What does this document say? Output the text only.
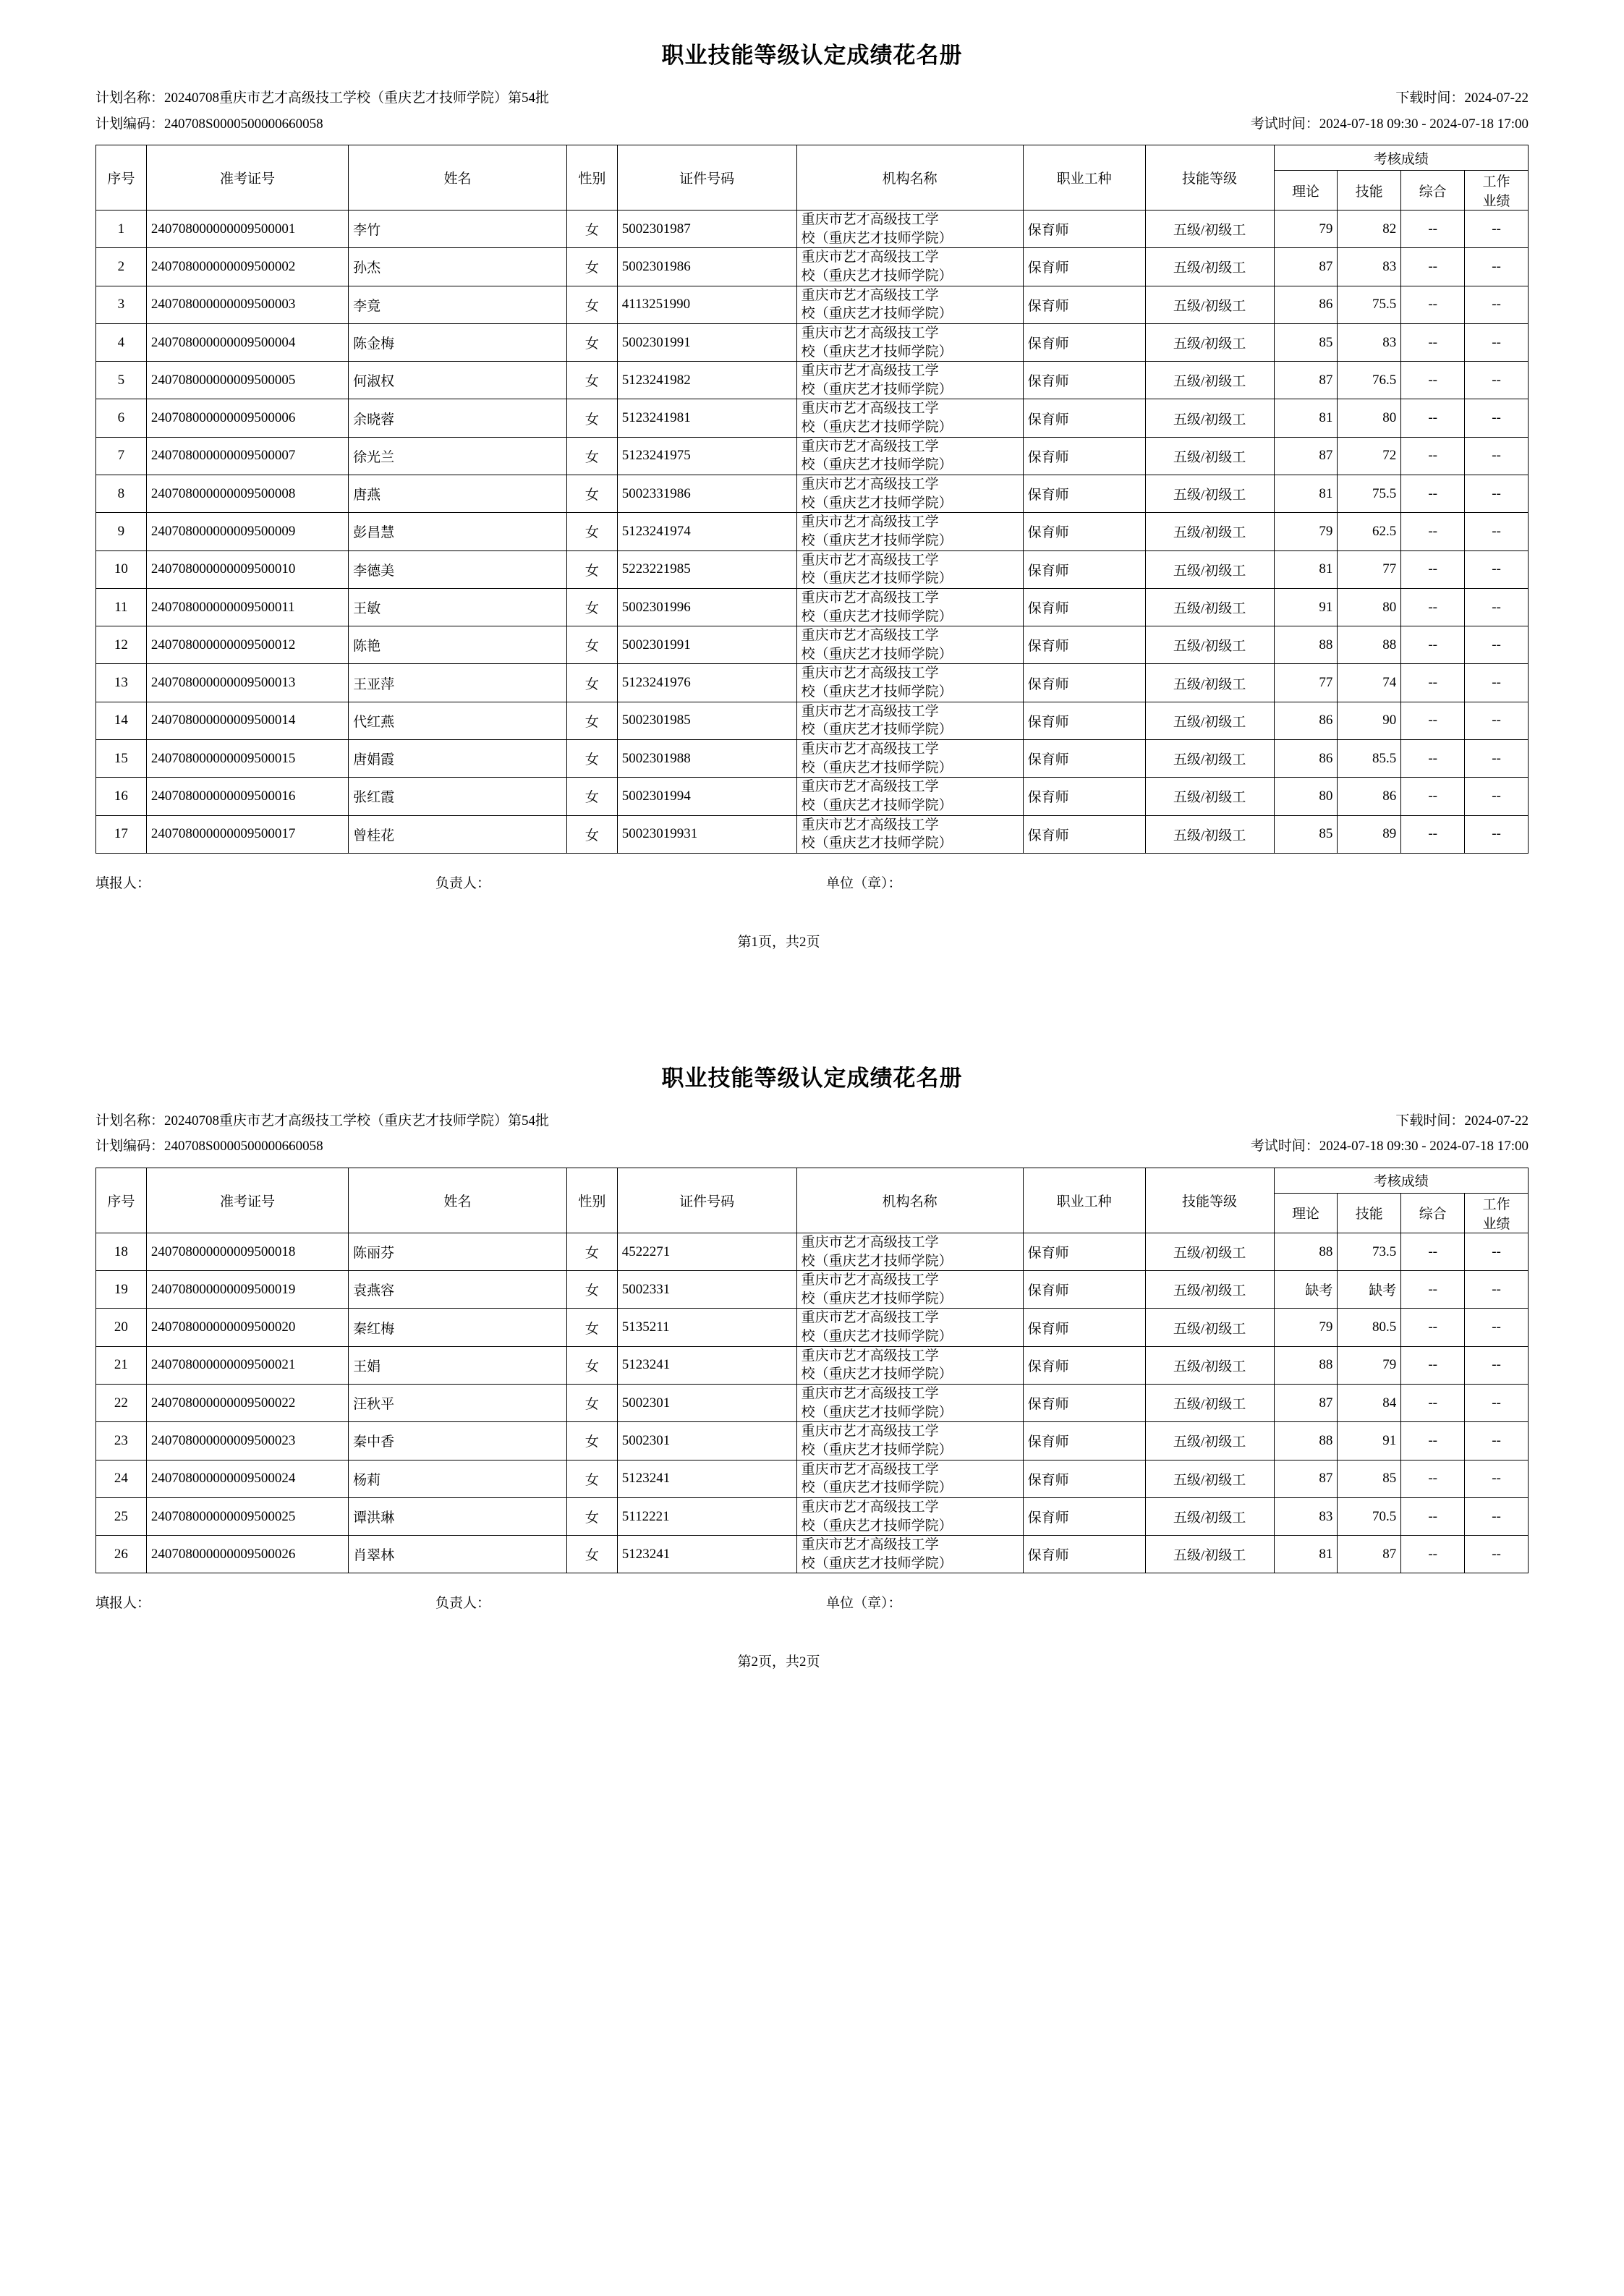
职业技能等级认定成绩花名册
计划名称：20240708重庆市艺才高级技工学校（重庆艺才技师学院）第54批	下载时间：2024-07-22
计划编码：240708S0000500000660058	考试时间：2024-07-18 09:30 - 2024-07-18 17:00
序号	准考证号	姓名	性别	证件号码	机构名称	职业工种	技能等级	考核成绩			
								理论	技能	综合	工作
业绩
1	240708000000009500001	李竹	女	5002301987	重庆市艺才高级技工学
校（重庆艺才技师学院）	保育师	五级/初级工	79	82	--	--
2	240708000000009500002	孙杰	女	5002301986	重庆市艺才高级技工学
校（重庆艺才技师学院）	保育师	五级/初级工	87	83	--	--
3	240708000000009500003	李竟	女	4113251990	重庆市艺才高级技工学
校（重庆艺才技师学院）	保育师	五级/初级工	86	75.5	--	--
4	240708000000009500004	陈金梅	女	5002301991	重庆市艺才高级技工学
校（重庆艺才技师学院）	保育师	五级/初级工	85	83	--	--
5	240708000000009500005	何淑权	女	5123241982	重庆市艺才高级技工学
校（重庆艺才技师学院）	保育师	五级/初级工	87	76.5	--	--
6	240708000000009500006	余晓蓉	女	5123241981	重庆市艺才高级技工学
校（重庆艺才技师学院）	保育师	五级/初级工	81	80	--	--
7	240708000000009500007	徐光兰	女	5123241975	重庆市艺才高级技工学
校（重庆艺才技师学院）	保育师	五级/初级工	87	72	--	--
8	240708000000009500008	唐燕	女	5002331986	重庆市艺才高级技工学
校（重庆艺才技师学院）	保育师	五级/初级工	81	75.5	--	--
9	240708000000009500009	彭昌慧	女	5123241974	重庆市艺才高级技工学
校（重庆艺才技师学院）	保育师	五级/初级工	79	62.5	--	--
10	240708000000009500010	李德美	女	5223221985	重庆市艺才高级技工学
校（重庆艺才技师学院）	保育师	五级/初级工	81	77	--	--
11	240708000000009500011	王敏	女	5002301996	重庆市艺才高级技工学
校（重庆艺才技师学院）	保育师	五级/初级工	91	80	--	--
12	240708000000009500012	陈艳	女	5002301991	重庆市艺才高级技工学
校（重庆艺才技师学院）	保育师	五级/初级工	88	88	--	--
13	240708000000009500013	王亚萍	女	5123241976	重庆市艺才高级技工学
校（重庆艺才技师学院）	保育师	五级/初级工	77	74	--	--
14	240708000000009500014	代红燕	女	5002301985	重庆市艺才高级技工学
校（重庆艺才技师学院）	保育师	五级/初级工	86	90	--	--
15	240708000000009500015	唐娟霞	女	5002301988	重庆市艺才高级技工学
校（重庆艺才技师学院）	保育师	五级/初级工	86	85.5	--	--
16	240708000000009500016	张红霞	女	5002301994	重庆市艺才高级技工学
校（重庆艺才技师学院）	保育师	五级/初级工	80	86	--	--
17	240708000000009500017	曾桂花	女	50023019931	重庆市艺才高级技工学
校（重庆艺才技师学院）	保育师	五级/初级工	85	89	--	--
填报人：	负责人：	单位（章）：
第1页，共2页
职业技能等级认定成绩花名册
计划名称：20240708重庆市艺才高级技工学校（重庆艺才技师学院）第54批	下载时间：2024-07-22
计划编码：240708S0000500000660058	考试时间：2024-07-18 09:30 - 2024-07-18 17:00
序号	准考证号	姓名	性别	证件号码	机构名称	职业工种	技能等级	考核成绩			
								理论	技能	综合	工作
业绩
18	240708000000009500018	陈丽芬	女	4522271	重庆市艺才高级技工学
校（重庆艺才技师学院）	保育师	五级/初级工	88	73.5	--	--
19	240708000000009500019	袁燕容	女	5002331	重庆市艺才高级技工学
校（重庆艺才技师学院）	保育师	五级/初级工	缺考	缺考	--	--
20	240708000000009500020	秦红梅	女	5135211	重庆市艺才高级技工学
校（重庆艺才技师学院）	保育师	五级/初级工	79	80.5	--	--
21	240708000000009500021	王娟	女	5123241	重庆市艺才高级技工学
校（重庆艺才技师学院）	保育师	五级/初级工	88	79	--	--
22	240708000000009500022	汪秋平	女	5002301	重庆市艺才高级技工学
校（重庆艺才技师学院）	保育师	五级/初级工	87	84	--	--
23	240708000000009500023	秦中香	女	5002301	重庆市艺才高级技工学
校（重庆艺才技师学院）	保育师	五级/初级工	88	91	--	--
24	240708000000009500024	杨莉	女	5123241	重庆市艺才高级技工学
校（重庆艺才技师学院）	保育师	五级/初级工	87	85	--	--
25	240708000000009500025	谭洪琳	女	5112221	重庆市艺才高级技工学
校（重庆艺才技师学院）	保育师	五级/初级工	83	70.5	--	--
26	240708000000009500026	肖翠林	女	5123241	重庆市艺才高级技工学
校（重庆艺才技师学院）	保育师	五级/初级工	81	87	--	--
填报人：	负责人：	单位（章）：
第2页，共2页
